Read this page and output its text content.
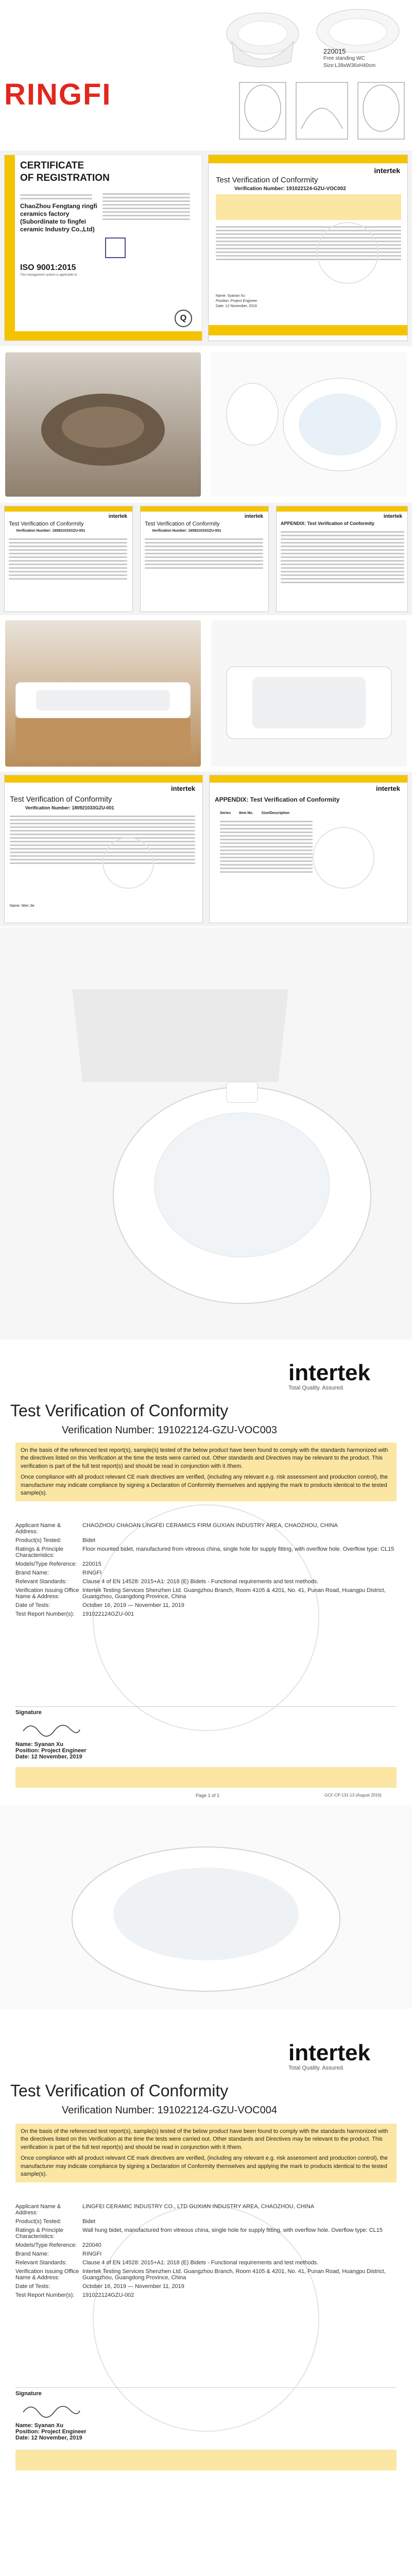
RINGFI
220015
Free standing WC
Size:L39xW36xH40cm
CERTIFICATE
OF REGISTRATION
ChaoZhou Fengtang ringfi
ceramics factory
(Subordinate to fingfei
ceramic Industry Co.,Ltd)
ISO 9001:2015
This management system is applicable to:
Q
intertek
Test Verification of Conformity
Verification Number: 191022124-GZU-VOC002
Name: Syanan Xu
Position: Project Engineer
Date: 12 November, 2019
intertek
Test Verification of Conformity
Verification Number: 180921033GZU-001
intertek
Test Verification of Conformity
Verification Number: 180921033GZU-001
intertek
APPENDIX: Test Verification of Conformity
intertek
Test Verification of Conformity
Verification Number: 180921033GZU-001
Name: Wen Jie
intertek
APPENDIX: Test Verification of Conformity
Series Item No. Size/Description
intertek
Total Quality. Assured.
Test Verification of Conformity
Verification Number: 191022124-GZU-VOC003
On the basis of the referenced test report(s), sample(s) tested of the below product have been found to comply with the standards harmonized with the directives listed on this Verification at the time the tests were carried out. Other standards and Directives may be relevant to the product. This verification is part of the full test report(s) and should be read in conjunction with it /them.
Once compliance with all product relevant CE mark directives are verified, (including any relevant e.g. risk assessment and production control), the manufacturer may indicate compliance by signing a Declaration of Conformity themselves and applying the mark to products identical to the tested sample(s).
Applicant Name & Address:
CHAOZHOU CHAOAN LINGFEI CERAMICS FIRM GUXIAN INDUSTRY AREA, CHAOZHOU, CHINA
Product(s) Tested:	Bidet
Ratings & Principle Characteristics:
Floor mounted bidet, manufactured from vitreous china, single hole for supply fitting, with overflow hole. Overflow type: CL15
Models/Type Reference: 220015
Brand Name:	RINGFI
Relevant Standards:	Clause 4 of EN 14528: 2015+A1: 2018 (E) Bidets - Functional requirements and test methods.
Verification Issuing Office Name & Address:
Intertek Testing Services Shenzhen Ltd. Guangzhou Branch, Room 4105 & 4201, No. 41, Punan Road, Huangpu District, Guangzhou, Guangdong Province, China
Date of Tests:	October 16, 2019 — November 11, 2019
Test Report Number(s):	191022124GZU-001
Signature
Name: Syanan Xu
Position: Project Engineer
Date: 12 November, 2019
Page 1 of 1	GCF-CP-131-13 (August 2016)
intertek
Total Quality. Assured.
Test Verification of Conformity
Verification Number: 191022124-GZU-VOC004
On the basis of the referenced test report(s), sample(s) tested of the below product have been found to comply with the standards harmonized with the directives listed on this Verification at the time the tests were carried out. Other standards and Directives may be relevant to the product. This verification is part of the full test report(s) and should be read in conjunction with it /them.
Once compliance with all product relevant CE mark directives are verified, (including any relevant e.g. risk assessment and production control), the manufacturer may indicate compliance by signing a Declaration of Conformity themselves and applying the mark to products identical to the tested sample(s).
Applicant Name & Address:
LINGFEI CERAMIC INDUSTRY CO., LTD GUXIAN INDUSTRY AREA, CHAOZHOU, CHINA
Product(s) Tested:	Bidet
Ratings & Principle Characteristics:
Wall hung bidet, manufactured from vitreous china, single hole for supply fitting, with overflow hole. Overflow type: CL15
Models/Type Reference: 220040
Brand Name:	RINGFI
Relevant Standards:	Clause 4 of EN 14528: 2015+A1: 2018 (E) Bidets - Functional requirements and test methods.
Verification Issuing Office Name & Address:
Intertek Testing Services Shenzhen Ltd. Guangzhou Branch, Room 4105 & 4201, No. 41, Punan Road, Huangpu District, Guangzhou, Guangdong Province, China
Date of Tests:	October 16, 2019 — November 11, 2019
Test Report Number(s):	191022124GZU-002
Signature
Name: Syanan Xu
Position: Project Engineer
Date: 12 November, 2019
